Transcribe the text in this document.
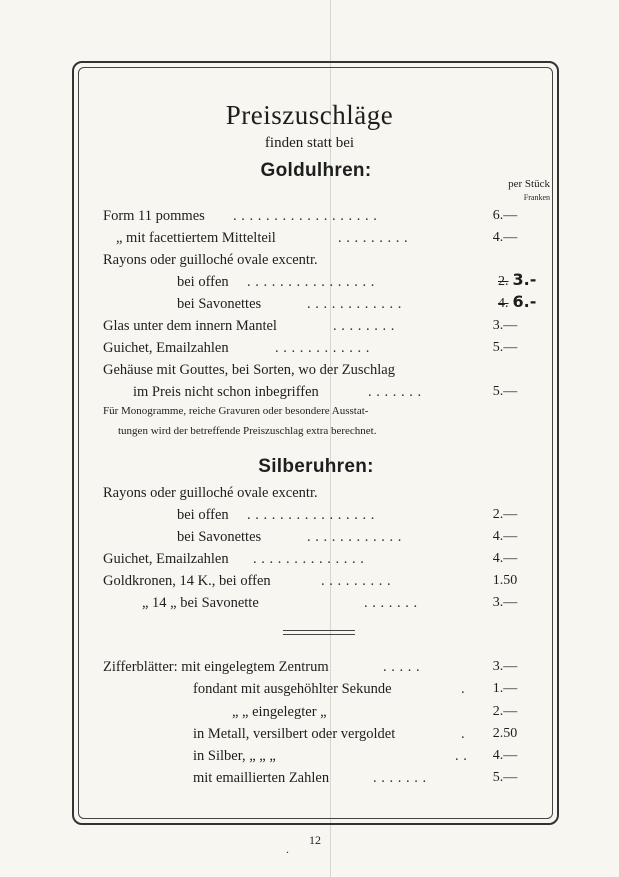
Preiszuschläge
finden statt bei
Goldulhren:
per Stück
Franken
Form 11 pommes . . . . . . . . . . . . . . . . . .	6.—
„ mit facettiertem Mittelteil	. . . . . . . . .	4.—
Rayons oder guilloché ovale excentr.
bei offen . . . . . . . . . . . . . . . .	2. 3.-
bei Savonettes	. . . . . . . . . . . .	4. 6.-
Glas unter dem innern Mantel	. . . . . . . .	3.—
Guichet, Emailzahlen	. . . . . . . . . . . .	5.—
Gehäuse mit Gouttes, bei Sorten, wo der Zuschlag
im Preis nicht schon inbegriffen	. . . . . . .	5.—
Für Monogramme, reiche Gravuren oder besondere Ausstat-
tungen wird der betreffende Preiszuschlag extra berechnet.
Silberuhren:
Rayons oder guilloché ovale excentr.
bei offen . . . . . . . . . . . . . . . .	2.—
bei Savonettes	. . . . . . . . . . . .	4.—
Guichet, Emailzahlen . . . . . . . . . . . . . .	4.—
Goldkronen, 14 K., bei offen	. . . . . . . . .	1.50
„ 14 „ bei Savonette	. . . . . . .	3.—
Zifferblätter: mit eingelegtem Zentrum	. . . . .	3.—
fondant mit ausgehöhlter Sekunde	.	1.—
„ „ eingelegter „	2.—
in Metall, versilbert oder vergoldet	.	2.50
in Silber, „ „ „	. .	4.—
mit emaillierten Zahlen	. . . . . . .	5.—
.
12
